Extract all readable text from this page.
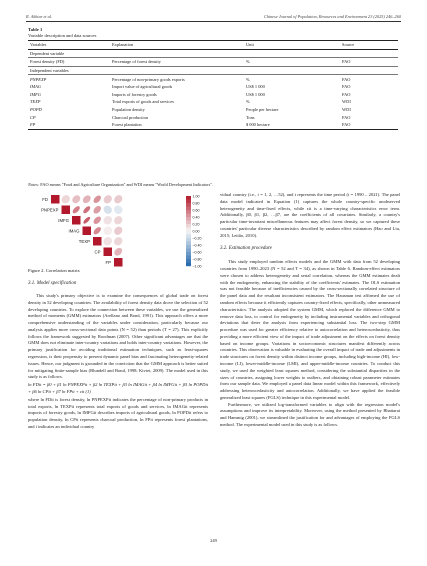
R. Akhtar et al.	Chinese Journal of Population, Resources and Environment 23 (2025) 246–260
Table 1
Variable description and data sources
Variables	Explanation	Unit	Source
Dependent variable			
Forest density (FD)	Percentage of forest density	%	FAO
Independent variables			
PNPEXP	Percentage of non-primary goods exports	%	FAO
IMAG	Import value of agricultural goods	US$ 1 000	FAO
IMFG	Imports of forestry goods	US$ 1 000	FAO
TEXP	Total exports of goods and services	%	WDI
POPD	Population density	People per hectare	WDI
CP	Charcoal production	Tons	FAO
FP	Forest plantation	$ 000 hectare	FAO
Notes: FAO means "Food and Agriculture Organization" and WDI means "World Development Indicators".
FD
PNPEXP
IMFG
IMAG
TEXP
CP
FP
1.00
0.80
0.60
0.40
0.20
0.00
–0.20
–0.40
–0.60
–0.80
–1.00
Figure 2. Correlation matrix
3.1. Model specification

This study's primary objective is to examine the consequences of global trade on forest density in 52 developing countries. The availability of forest density data drove the selection of 52 developing countries. To explore the connection between these variables, we use the generalized method of moments (GMM) estimators (Arellano and Bond, 1991). This approach offers a more comprehensive understanding of the variables under consideration, particularly because our analysis applies more cross-sectional data points (N = 52) than periods (T = 27). This explicitly follows the framework suggested by Roodman (2007). Other significant advantages are that the GMM does not eliminate inter-country variations and holds inter-country variations. However, the primary justification for avoiding traditional estimation techniques, such as least-squares regression, is their propensity to present dynamic panel bias and fascinating heterogeneity-related issues. Hence, our judgment is grounded in the conviction that the GMM approach is better suited for mitigating finite-sample bias (Blundell and Bond, 1998; Kiviet, 2009). The model used in this study is as follows.

ln FDit = β0 + β1 ln PNPEXPit + β2 ln TEXPit + β3 ln IMAGit + β4 ln IMFGit + β5 ln POPDit + β6 ln CPit + β7 ln FPit + εit (1)

where ln FDit is forest density, ln PNPEXPit indicates the percentage of non-primary products in total exports, ln TEXPit represents total exports of goods and services, ln IMAGit represents imports of forestry goods, ln IMFGit describes imports of agricultural goods, ln POPDit refers to population density, ln CPit represents charcoal production, ln FPit represents forest plantations, and i indicates an individual country

vidual country (i.e., i = 1, 2, …52), and t represents the time period (t = 1990 – 2021). The panel data model indicated in Equation (1) captures the whole country-specific unobserved heterogeneity and time-fixed effects, while εit is a time-varying characteristics error term. Additionally, β0, β1, β2, …β7, are the coefficients of all covariates. Similarly, a country's particular time-invariant miscellaneous features may affect forest density, so we captured these countries' particular diverse characteristics described by random effect estimators (Hao and Liu, 2015; Leitão, 2010).

3.2. Estimation procedure

This study employed random effects models and the GMM with data from 52 developing countries from 1990–2023 (N = 52 and T = 34), as shown in Table 6. Random-effect estimators were chosen to address heterogeneity and serial correlation, whereas the GMM estimates dealt with the endogeneity, enhancing the stability of the coefficients' estimates. The OLS estimation was not feasible because of inefficiencies caused by the cross-sectionally correlated structure of the panel data and the resultant inconsistent estimators. The Hausman test affirmed the use of random effects because it efficiently captures country-fixed effects, specifically, other unmeasured characteristics. The analysis adopted the system GMM, which replaced the difference GMM to remove data loss, to control for endogeneity by including instrumental variables and orthogonal deviations that deter the analysis from experiencing substantial loss. The two-step GMM procedure was used for greater efficiency relative to autocorrelation and heteroscedasticity, thus providing a more efficient view of the impact of trade adjustment on the effects on forest density based on income groups. Variations in socioeconomic structures manifest differently across countries. This observation is valuable in evaluating the overall impact of trade and adjustments in trade structures on forest density within distinct income groups, including high-income (HI), low-income (LI), lower-middle-income (LMI), and upper-middle-income countries. To conduct this study, we used the weighted least squares method, considering the substantial disparities in the sizes of countries, assigning lower weights to outliers, and obtaining robust parameter estimates from our sample data. We employed a panel data linear model within this framework, effectively addressing heteroscedasticity and autocorrelation. Additionally, we have applied the feasible generalized least squares (FGLS) technique in this experimental model.

Furthermore, we utilized log-transformed variables to align with the regression model's assumptions and improve its interpretability. Moreover, using the method presented by Bhattarai and Hammig (2001), we streamlined the justification for and advantages of employing the FGLS method. The experimental model used in this study is as follows.

249
